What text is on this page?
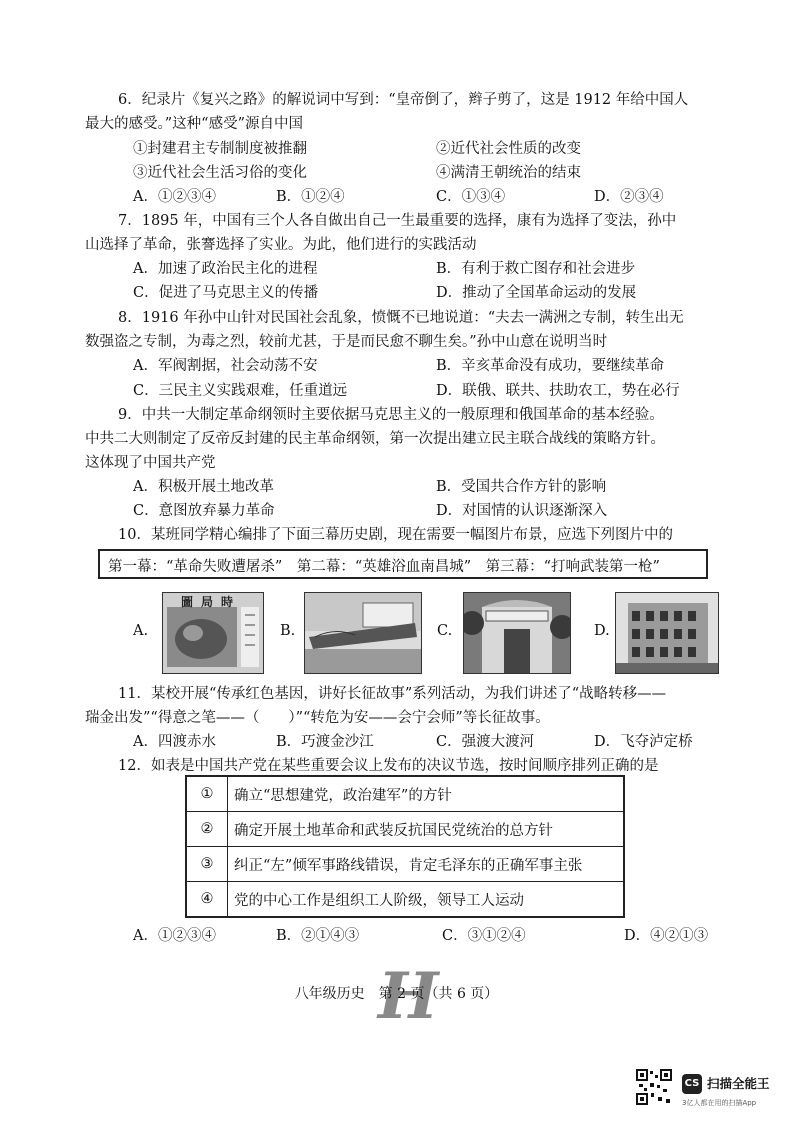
6．纪录片《复兴之路》的解说词中写到：“皇帝倒了，辫子剪了，这是 1912 年给中国人
最大的感受。”这种“感受”源自中国
①封建君主专制制度被推翻	②近代社会性质的改变
③近代社会生活习俗的变化	④满清王朝统治的结束
A．①②③④	B．①②④	C．①③④	D．②③④
7．1895 年，中国有三个人各自做出自己一生最重要的选择，康有为选择了变法，孙中
山选择了革命，张謇选择了实业。为此，他们进行的实践活动
A．加速了政治民主化的进程	B．有利于救亡图存和社会进步
C．促进了马克思主义的传播	D．推动了全国革命运动的发展
8．1916 年孙中山针对民国社会乱象，愤慨不已地说道：“夫去一满洲之专制，转生出无
数强盗之专制，为毒之烈，较前尤甚，于是而民愈不聊生矣。”孙中山意在说明当时
A．军阀割据，社会动荡不安	B．辛亥革命没有成功，要继续革命
C．三民主义实践艰难，任重道远	D．联俄、联共、扶助农工，势在必行
9．中共一大制定革命纲领时主要依据马克思主义的一般原理和俄国革命的基本经验。
中共二大则制定了反帝反封建的民主革命纲领，第一次提出建立民主联合战线的策略方针。
这体现了中国共产党
A．积极开展土地改革	B．受国共合作方针的影响
C．意图放弃暴力革命	D．对国情的认识逐渐深入
10．某班同学精心编排了下面三幕历史剧，现在需要一幅图片布景，应选下列图片中的
第一幕：“革命失败遭屠杀”　第二幕：“英雄浴血南昌城”　第三幕：“打响武装第一枪”
A.
圖局時
B.	C.	D.
11．某校开展“传承红色基因，讲好长征故事”系列活动，为我们讲述了“战略转移——
瑞金出发”“得意之笔——（　　）”“转危为安——会宁会师”等长征故事。
A．四渡赤水	B．巧渡金沙江	C．强渡大渡河	D．飞夺泸定桥
12．如表是中国共产党在某些重要会议上发布的决议节选，按时间顺序排列正确的是
①	确立“思想建党，政治建军”的方针
②	确定开展土地革命和武装反抗国民党统治的总方针
③	纠正“左”倾军事路线错误，肯定毛泽东的正确军事主张
④	党的中心工作是组织工人阶级，领导工人运动
A．①②③④	B．②①④③	C．③①②④	D．④②①③
H
八年级历史　第 2 页（共 6 页）
CS 扫描全能王
3亿人都在用的扫描App
